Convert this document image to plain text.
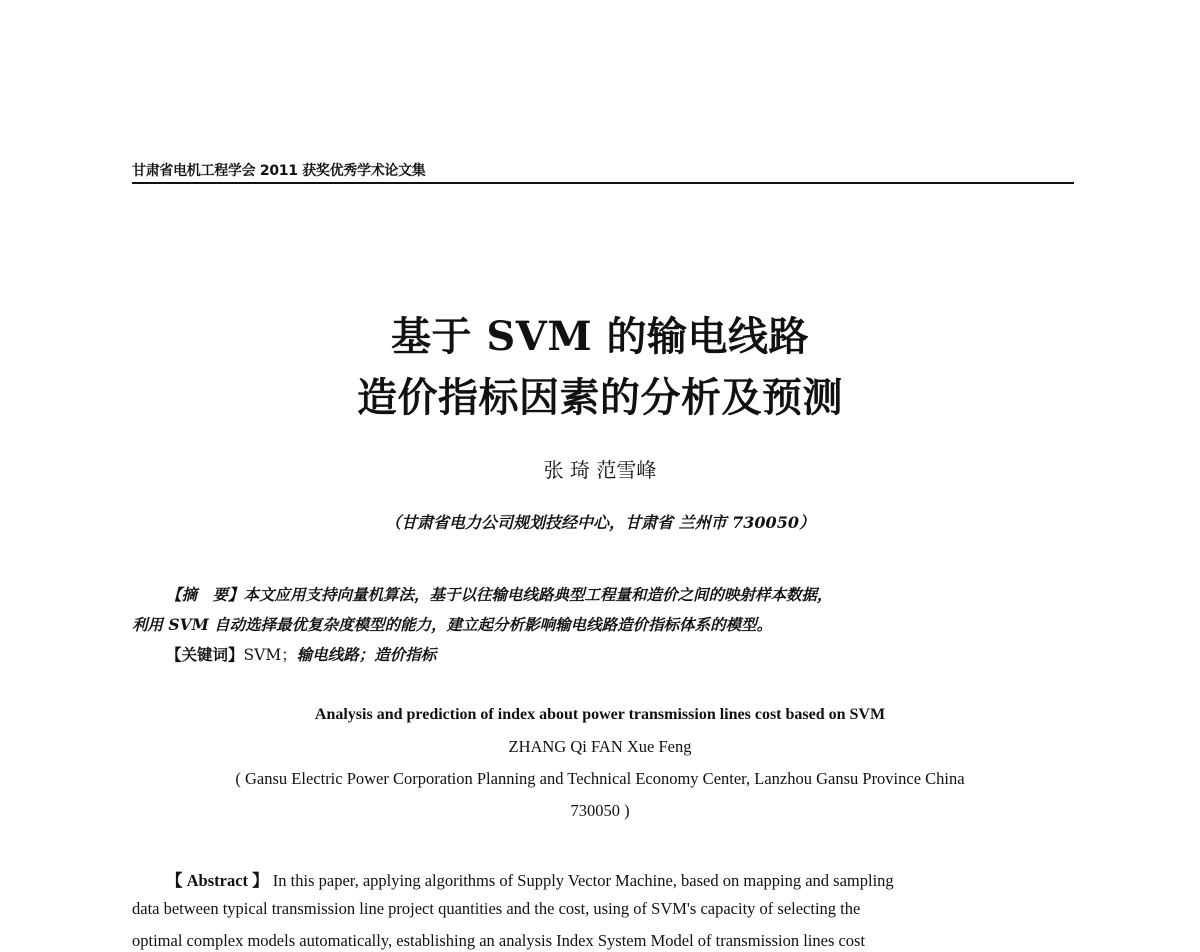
甘肃省电机工程学会 2011 获奖优秀学术论文集
基于 SVM 的输电线路
造价指标因素的分析及预测
张 琦 范雪峰
（甘肃省电力公司规划技经中心，甘肃省 兰州市 730050）
【摘　要】本文应用支持向量机算法，基于以往输电线路典型工程量和造价之间的映射样本数据，
利用 SVM 自动选择最优复杂度模型的能力，建立起分析影响输电线路造价指标体系的模型。
【关键词】SVM；输电线路；造价指标
Analysis and prediction of index about power transmission lines cost based on SVM
ZHANG Qi FAN Xue Feng
( Gansu Electric Power Corporation Planning and Technical Economy Center, Lanzhou Gansu Province China
730050 )
【 Abstract 】 In this paper, applying algorithms of Supply Vector Machine, based on mapping and sampling
data between typical transmission line project quantities and the cost, using of SVM's capacity of selecting the
optimal complex models automatically, establishing an analysis Index System Model of transmission lines cost
